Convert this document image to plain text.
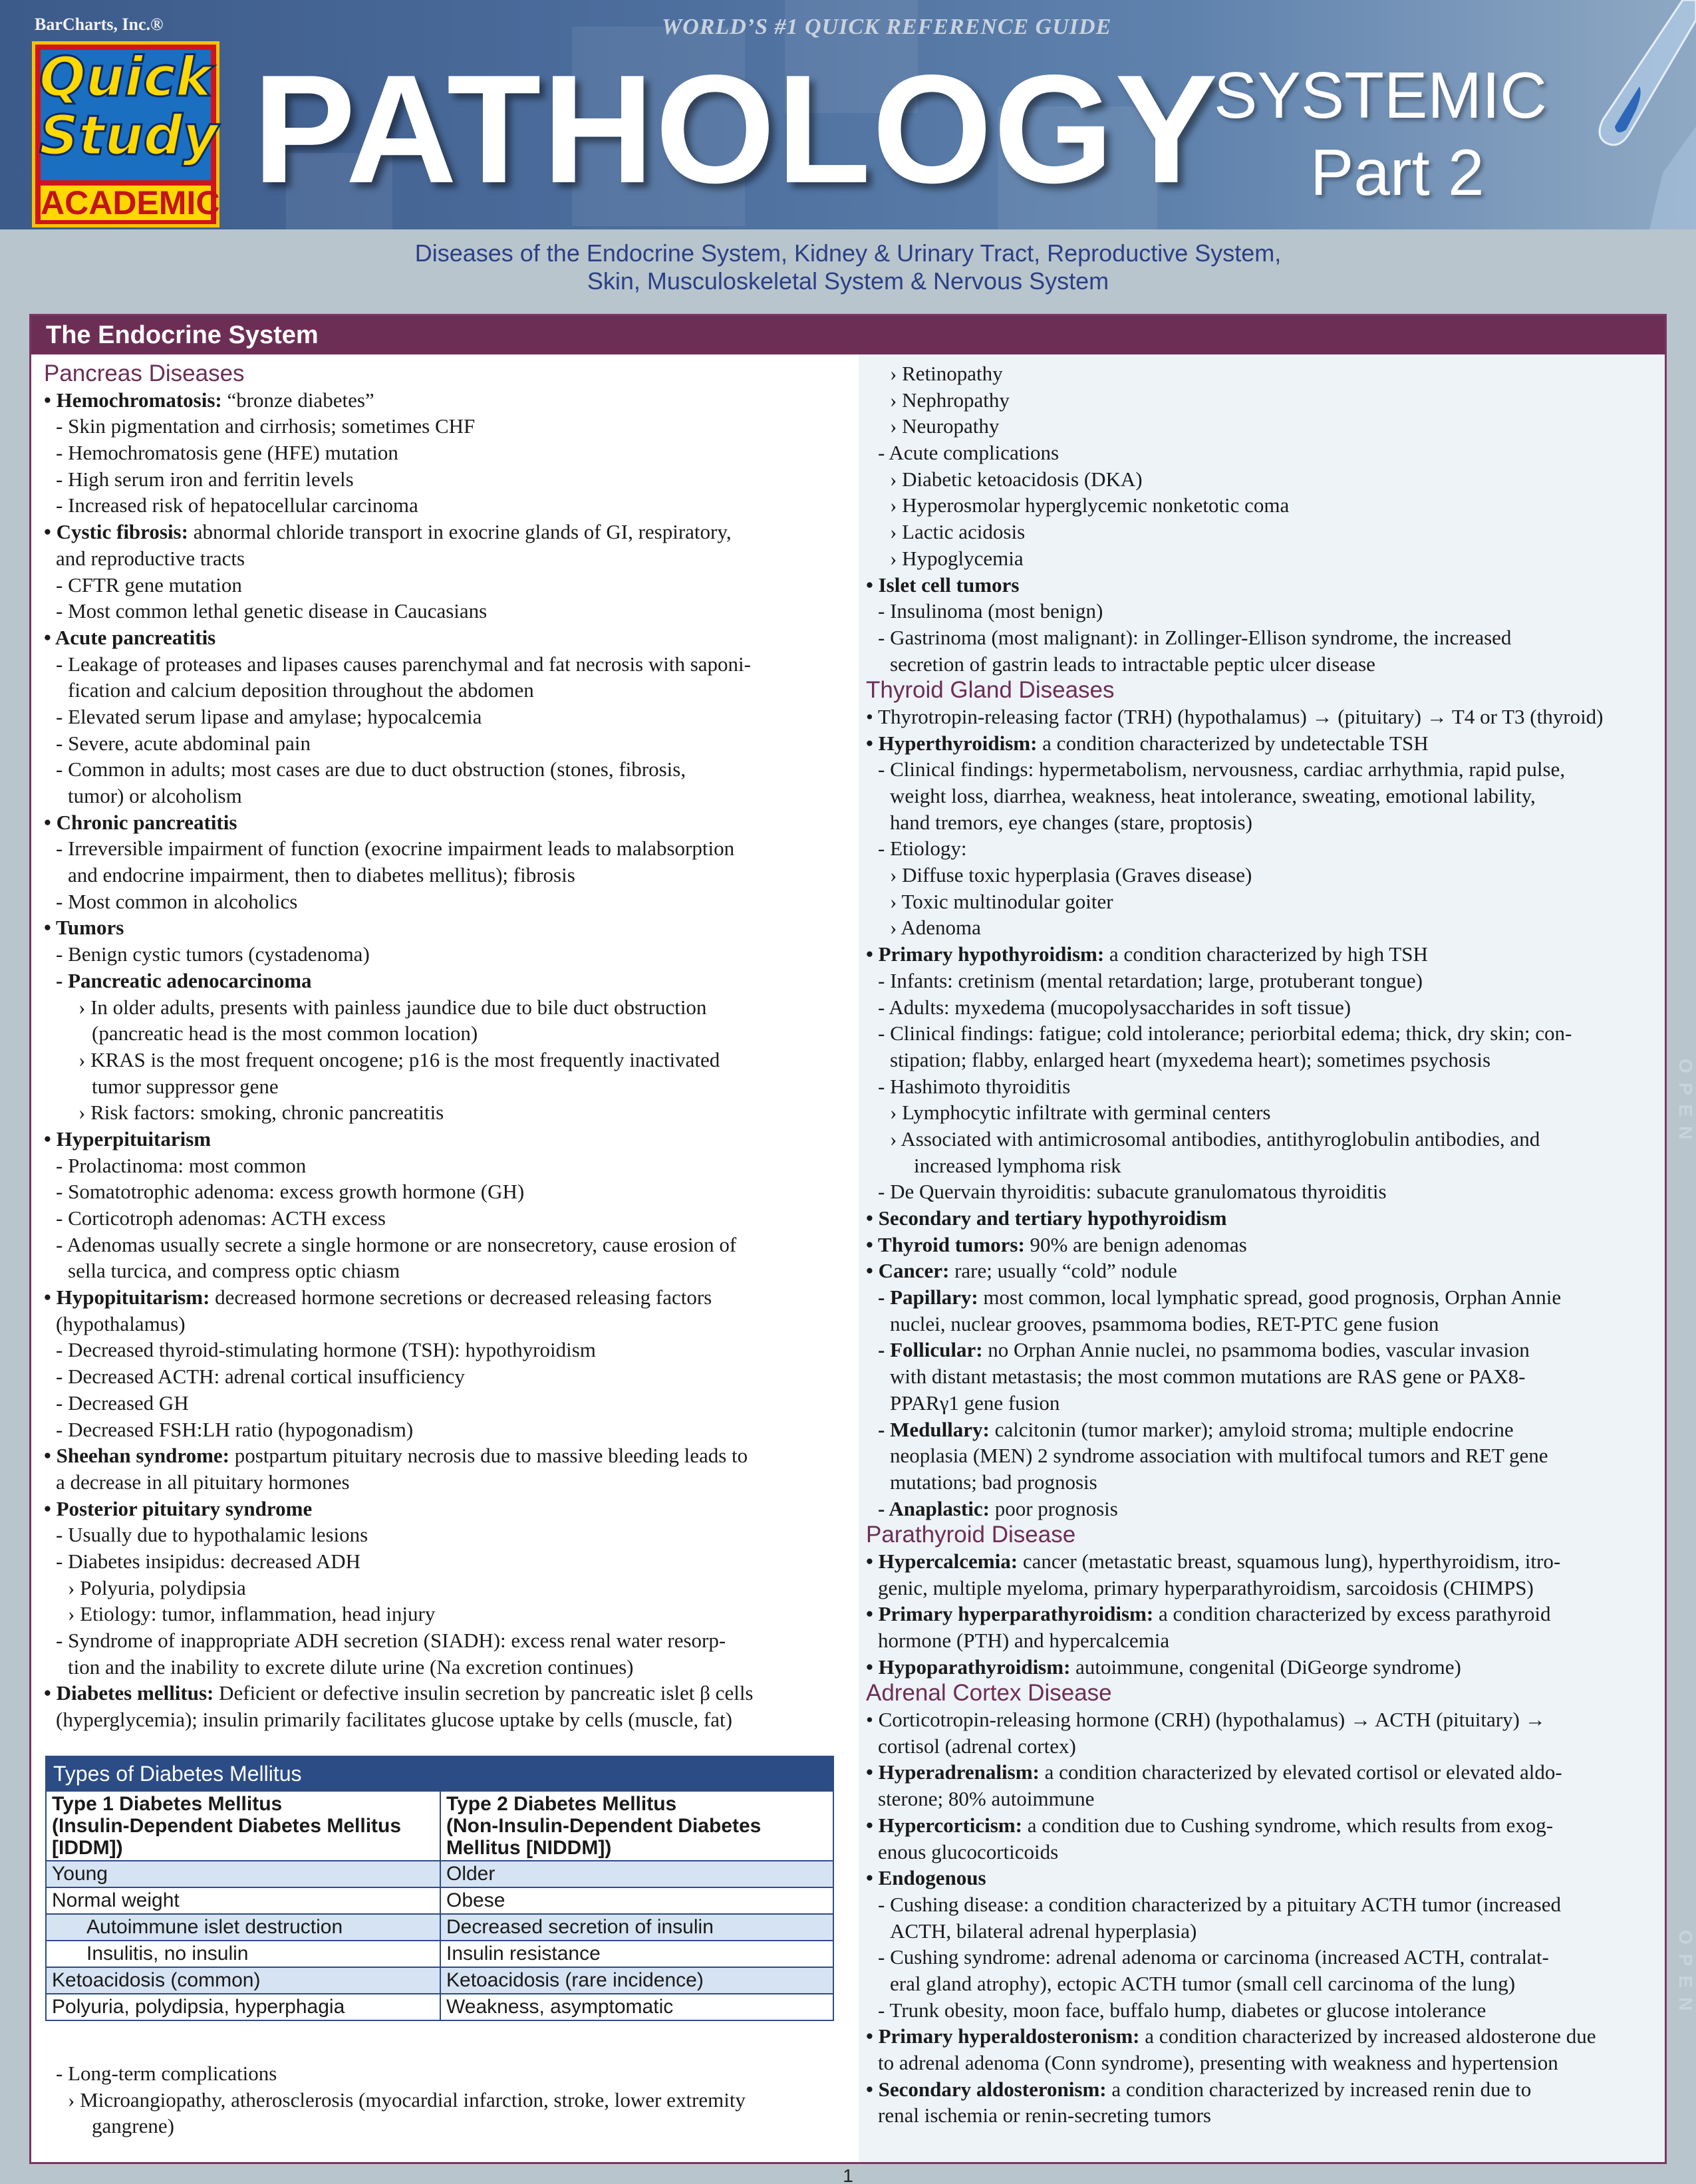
BarCharts, Inc.®	WORLD’S #1 QUICK REFERENCE GUIDE
Quick
Study
ACADEMIC PATHOLOGY
SYSTEMIC
Part 2
Diseases of the Endocrine System, Kidney & Urinary Tract, Reproductive System,
Skin, Musculoskeletal System & Nervous System
The Endocrine System
Pancreas Diseases
• Hemochromatosis: “bronze diabetes”
- Skin pigmentation and cirrhosis; sometimes CHF
- Hemochromatosis gene (HFE) mutation
- High serum iron and ferritin levels
- Increased risk of hepatocellular carcinoma
• Cystic fibrosis: abnormal chloride transport in exocrine glands of GI, respiratory,
and reproductive tracts
- CFTR gene mutation
- Most common lethal genetic disease in Caucasians
• Acute pancreatitis
- Leakage of proteases and lipases causes parenchymal and fat necrosis with saponi-
fication and calcium deposition throughout the abdomen
- Elevated serum lipase and amylase; hypocalcemia
- Severe, acute abdominal pain
- Common in adults; most cases are due to duct obstruction (stones, fibrosis,
tumor) or alcoholism
• Chronic pancreatitis
- Irreversible impairment of function (exocrine impairment leads to malabsorption
and endocrine impairment, then to diabetes mellitus); fibrosis
- Most common in alcoholics
• Tumors
- Benign cystic tumors (cystadenoma)
- Pancreatic adenocarcinoma
› In older adults, presents with painless jaundice due to bile duct obstruction
(pancreatic head is the most common location)
› KRAS is the most frequent oncogene; p16 is the most frequently inactivated
tumor suppressor gene
› Risk factors: smoking, chronic pancreatitis
• Hyperpituitarism
- Prolactinoma: most common
- Somatotrophic adenoma: excess growth hormone (GH)
- Corticotroph adenomas: ACTH excess
- Adenomas usually secrete a single hormone or are nonsecretory, cause erosion of
sella turcica, and compress optic chiasm
• Hypopituitarism: decreased hormone secretions or decreased releasing factors
(hypothalamus)
- Decreased thyroid-stimulating hormone (TSH): hypothyroidism
- Decreased ACTH: adrenal cortical insufficiency
- Decreased GH
- Decreased FSH:LH ratio (hypogonadism)
• Sheehan syndrome: postpartum pituitary necrosis due to massive bleeding leads to
a decrease in all pituitary hormones
• Posterior pituitary syndrome
- Usually due to hypothalamic lesions
- Diabetes insipidus: decreased ADH
› Polyuria, polydipsia
› Etiology: tumor, inflammation, head injury
- Syndrome of inappropriate ADH secretion (SIADH): excess renal water resorp-
tion and the inability to excrete dilute urine (Na excretion continues)
• Diabetes mellitus: Deficient or defective insulin secretion by pancreatic islet β cells
(hyperglycemia); insulin primarily facilitates glucose uptake by cells (muscle, fat)
Types of Diabetes Mellitus
Type 1 Diabetes Mellitus
(Insulin-Dependent Diabetes Mellitus
[IDDM])
Type 2 Diabetes Mellitus
(Non-Insulin-Dependent Diabetes
Mellitus [NIDDM])
Young	Older
Normal weight	Obese
Autoimmune islet destruction	Decreased secretion of insulin
Insulitis, no insulin	Insulin resistance
Ketoacidosis (common)	Ketoacidosis (rare incidence)
Polyuria, polydipsia, hyperphagia	Weakness, asymptomatic
- Long-term complications
› Microangiopathy, atherosclerosis (myocardial infarction, stroke, lower extremity
gangrene)
› Retinopathy
› Nephropathy
› Neuropathy
- Acute complications
› Diabetic ketoacidosis (DKA)
› Hyperosmolar hyperglycemic nonketotic coma
› Lactic acidosis
› Hypoglycemia
• Islet cell tumors
- Insulinoma (most benign)
- Gastrinoma (most malignant): in Zollinger-Ellison syndrome, the increased
secretion of gastrin leads to intractable peptic ulcer disease
Thyroid Gland Diseases
• Thyrotropin-releasing factor (TRH) (hypothalamus) → (pituitary) → T4 or T3 (thyroid)
• Hyperthyroidism: a condition characterized by undetectable TSH
- Clinical findings: hypermetabolism, nervousness, cardiac arrhythmia, rapid pulse,
weight loss, diarrhea, weakness, heat intolerance, sweating, emotional lability,
hand tremors, eye changes (stare, proptosis)
- Etiology:
› Diffuse toxic hyperplasia (Graves disease)
› Toxic multinodular goiter
› Adenoma
• Primary hypothyroidism: a condition characterized by high TSH
- Infants: cretinism (mental retardation; large, protuberant tongue)
- Adults: myxedema (mucopolysaccharides in soft tissue)
- Clinical findings: fatigue; cold intolerance; periorbital edema; thick, dry skin; con-
stipation; flabby, enlarged heart (myxedema heart); sometimes psychosis
- Hashimoto thyroiditis
› Lymphocytic infiltrate with germinal centers
› Associated with antimicrosomal antibodies, antithyroglobulin antibodies, and
increased lymphoma risk
- De Quervain thyroiditis: subacute granulomatous thyroiditis
• Secondary and tertiary hypothyroidism
• Thyroid tumors: 90% are benign adenomas
• Cancer: rare; usually “cold” nodule
- Papillary: most common, local lymphatic spread, good prognosis, Orphan Annie
nuclei, nuclear grooves, psammoma bodies, RET-PTC gene fusion
- Follicular: no Orphan Annie nuclei, no psammoma bodies, vascular invasion
with distant metastasis; the most common mutations are RAS gene or PAX8-
PPARγ1 gene fusion
- Medullary: calcitonin (tumor marker); amyloid stroma; multiple endocrine
neoplasia (MEN) 2 syndrome association with multifocal tumors and RET gene
mutations; bad prognosis
- Anaplastic: poor prognosis
Parathyroid Disease
• Hypercalcemia: cancer (metastatic breast, squamous lung), hyperthyroidism, itro-
genic, multiple myeloma, primary hyperparathyroidism, sarcoidosis (CHIMPS)
• Primary hyperparathyroidism: a condition characterized by excess parathyroid
hormone (PTH) and hypercalcemia
• Hypoparathyroidism: autoimmune, congenital (DiGeorge syndrome)
Adrenal Cortex Disease
• Corticotropin-releasing hormone (CRH) (hypothalamus) → ACTH (pituitary) →
cortisol (adrenal cortex)
• Hyperadrenalism: a condition characterized by elevated cortisol or elevated aldo-
sterone; 80% autoimmune
• Hypercorticism: a condition due to Cushing syndrome, which results from exog-
enous glucocorticoids
• Endogenous
- Cushing disease: a condition characterized by a pituitary ACTH tumor (increased
ACTH, bilateral adrenal hyperplasia)
- Cushing syndrome: adrenal adenoma or carcinoma (increased ACTH, contralat-
eral gland atrophy), ectopic ACTH tumor (small cell carcinoma of the lung)
- Trunk obesity, moon face, buffalo hump, diabetes or glucose intolerance
• Primary hyperaldosteronism: a condition characterized by increased aldosterone due
to adrenal adenoma (Conn syndrome), presenting with weakness and hypertension
• Secondary aldosteronism: a condition characterized by increased renin due to
renal ischemia or renin-secreting tumors
OPEN
OPEN
1
